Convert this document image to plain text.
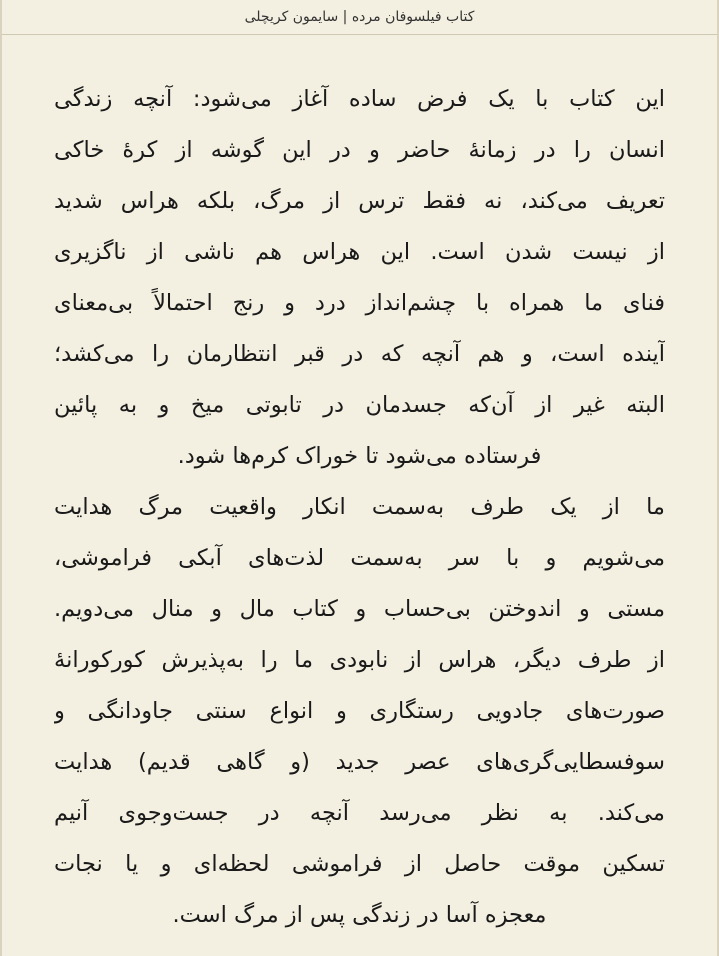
کتاب فیلسوفان مرده | سایمون کریچلی
این کتاب با یک فرض ساده آغاز می‌شود: آنچه زندگی
انسان را در زمانهٔ حاضر و در این گوشه از کرهٔ خاکی
تعریف می‌کند، نه فقط ترس از مرگ، بلکه هراس شدید
از نیست شدن است. این هراس هم ناشی از ناگزیری
فنای ما همراه با چشم‌انداز درد و رنج احتمالاً بی‌معنای
آینده است، و هم آنچه که در قبر انتظارمان را می‌کشد؛
البته غیر از آن‌که جسدمان در تابوتی میخ و به پائین
فرستاده می‌شود تا خوراک کرم‌ها شود.
ما از یک طرف به‌سمت انکار واقعیت مرگ هدایت
می‌شویم و با سر به‌سمت لذت‌های آبکی فراموشی،
مستی و اندوختن بی‌حساب و کتاب مال و منال می‌دویم.
از طرف دیگر، هراس از نابودی ما را به‌پذیرش کورکورانهٔ
صورت‌های جادویی رستگاری و انواع سنتی جاودانگی و
سوفسطایی‌گری‌های عصر جدید (و گاهی قدیم) هدایت
می‌کند. به نظر می‌رسد آنچه در جست‌وجوی آنیم
تسکین موقت حاصل از فراموشی لحظه‌ای و یا نجات
معجزه آسا در زندگی پس از مرگ است.
